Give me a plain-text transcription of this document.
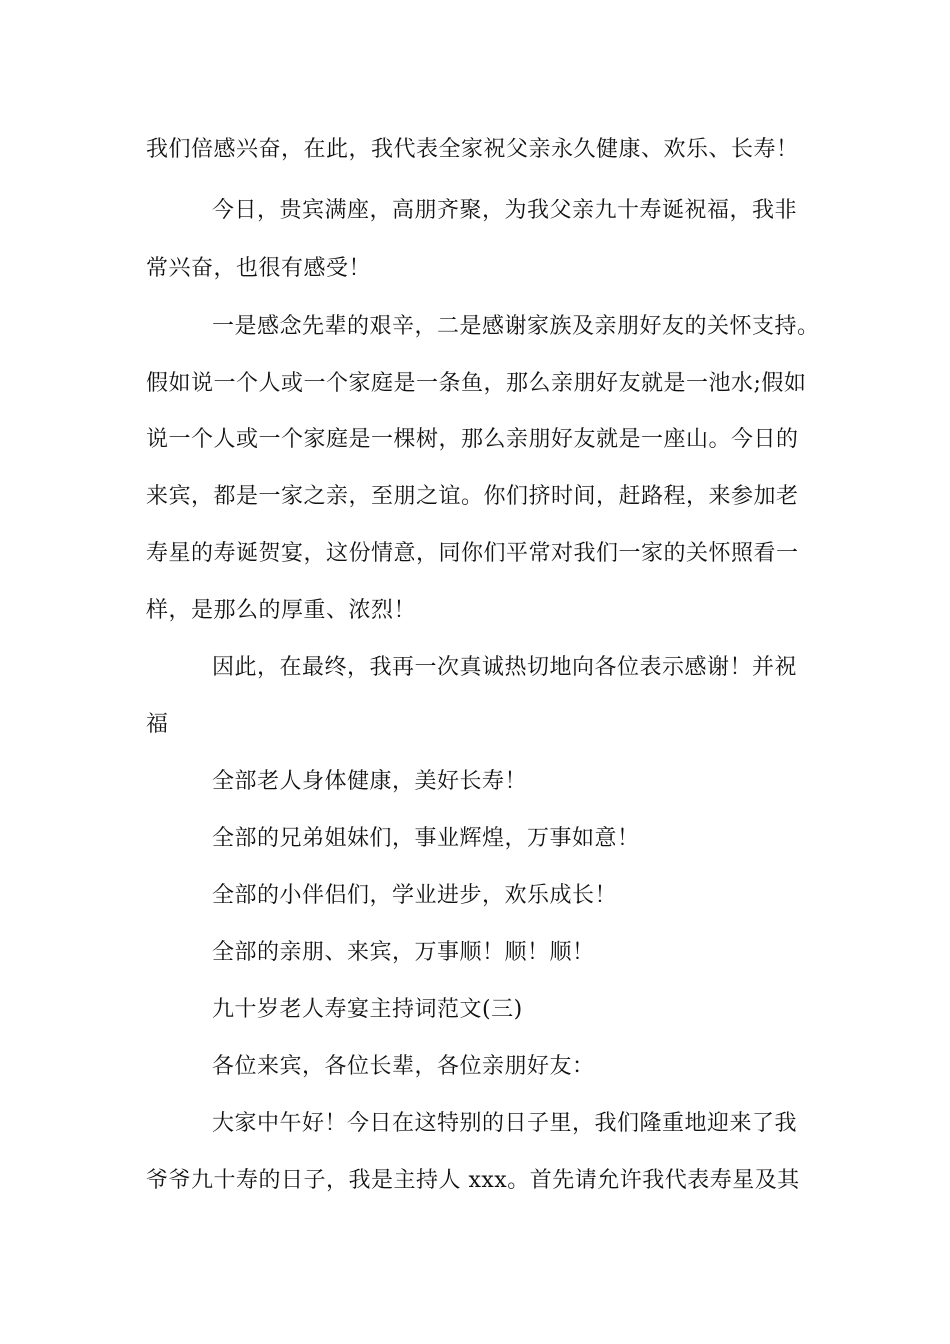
我们倍感兴奋，在此，我代表全家祝父亲永久健康、欢乐、长寿！
今日，贵宾满座，高朋齐聚，为我父亲九十寿诞祝福，我非
常兴奋，也很有感受！
一是感念先辈的艰辛，二是感谢家族及亲朋好友的关怀支持。
假如说一个人或一个家庭是一条鱼，那么亲朋好友就是一池水;假如
说一个人或一个家庭是一棵树，那么亲朋好友就是一座山。今日的
来宾，都是一家之亲，至朋之谊。你们挤时间，赶路程，来参加老
寿星的寿诞贺宴，这份情意，同你们平常对我们一家的关怀照看一
样，是那么的厚重、浓烈！
因此，在最终，我再一次真诚热切地向各位表示感谢！并祝
福
全部老人身体健康，美好长寿！
全部的兄弟姐妹们，事业辉煌，万事如意！
全部的小伴侣们，学业进步，欢乐成长！
全部的亲朋、来宾，万事顺！顺！顺！
九十岁老人寿宴主持词范文(三)
各位来宾，各位长辈，各位亲朋好友：
大家中午好！今日在这特别的日子里，我们隆重地迎来了我
爷爷九十寿的日子，我是主持人 xxx。首先请允许我代表寿星及其
